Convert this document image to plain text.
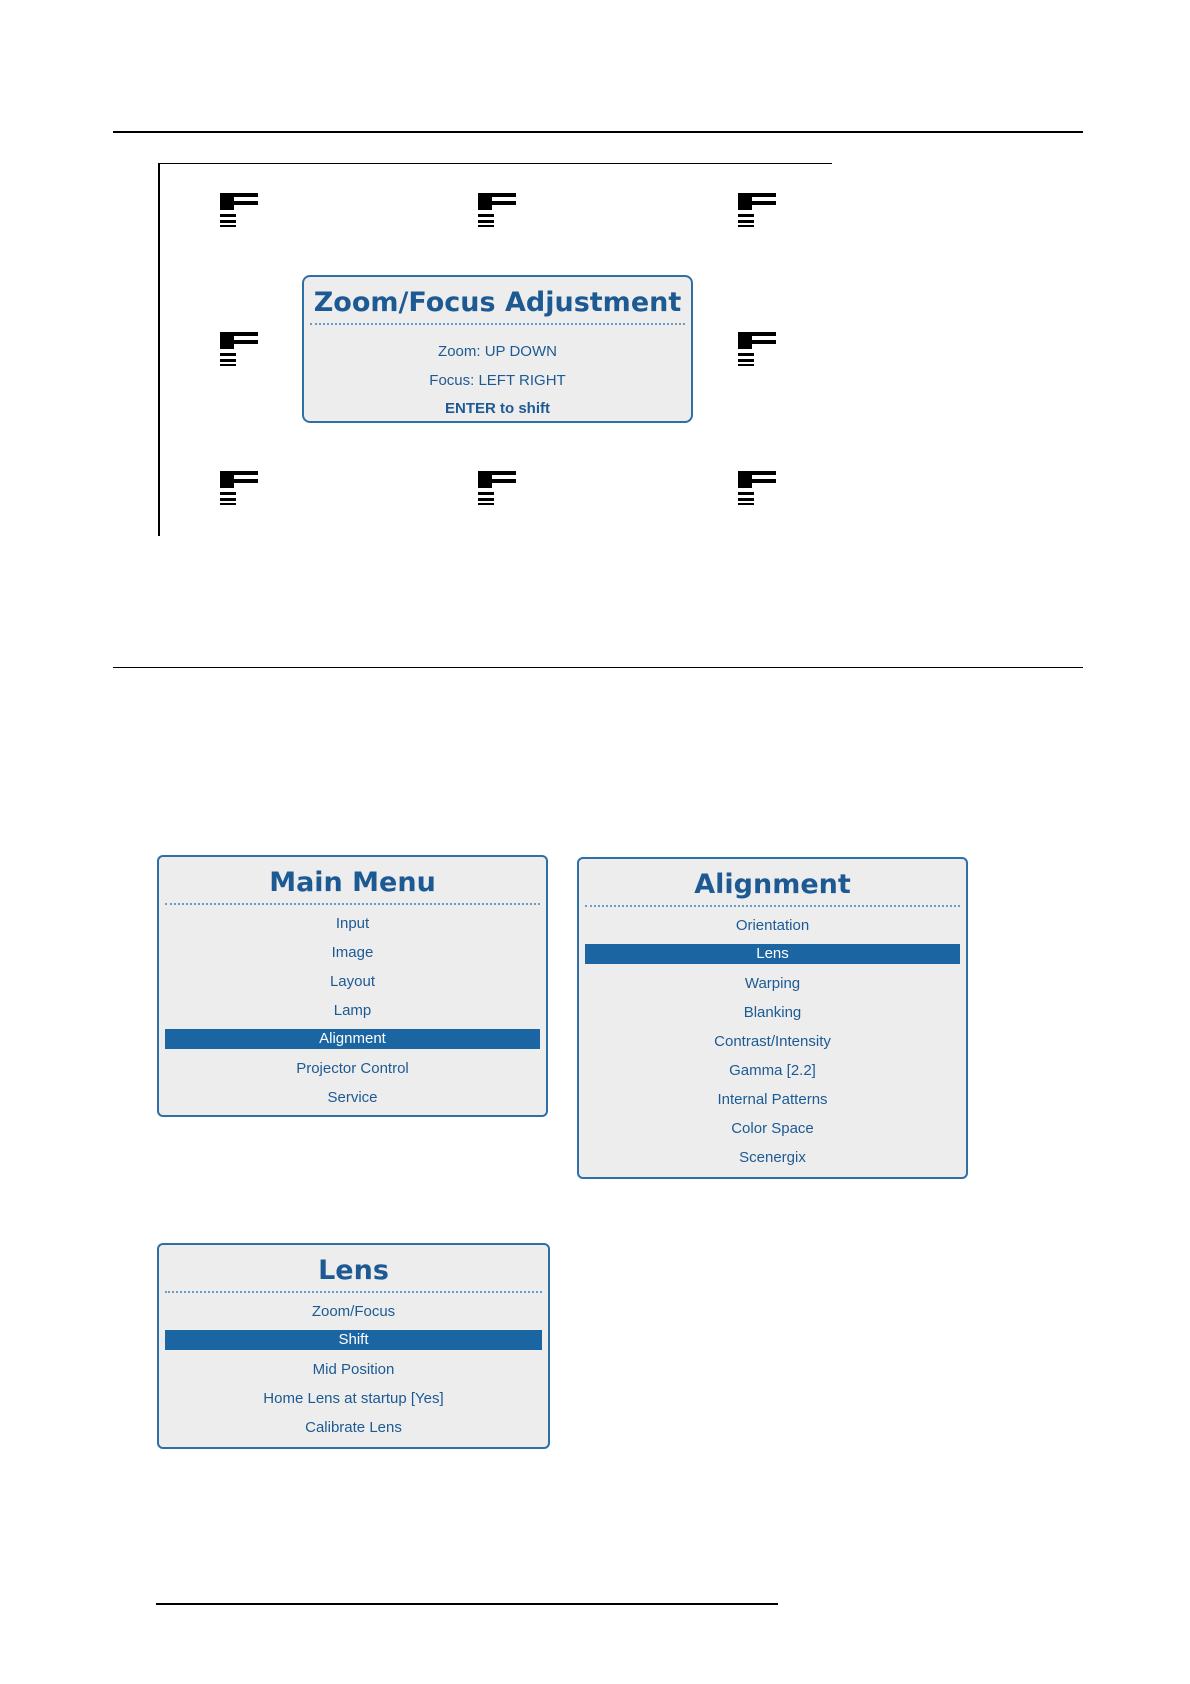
Zoom/Focus Adjustment
Zoom: UP DOWN
Focus: LEFT RIGHT
ENTER to shift
Main Menu
Input
Image
Layout
Lamp
Alignment
Projector Control
Service
Alignment
Orientation
Lens
Warping
Blanking
Contrast/Intensity
Gamma [2.2]
Internal Patterns
Color Space
Scenergix
Lens
Zoom/Focus
Shift
Mid Position
Home Lens at startup [Yes]
Calibrate Lens
